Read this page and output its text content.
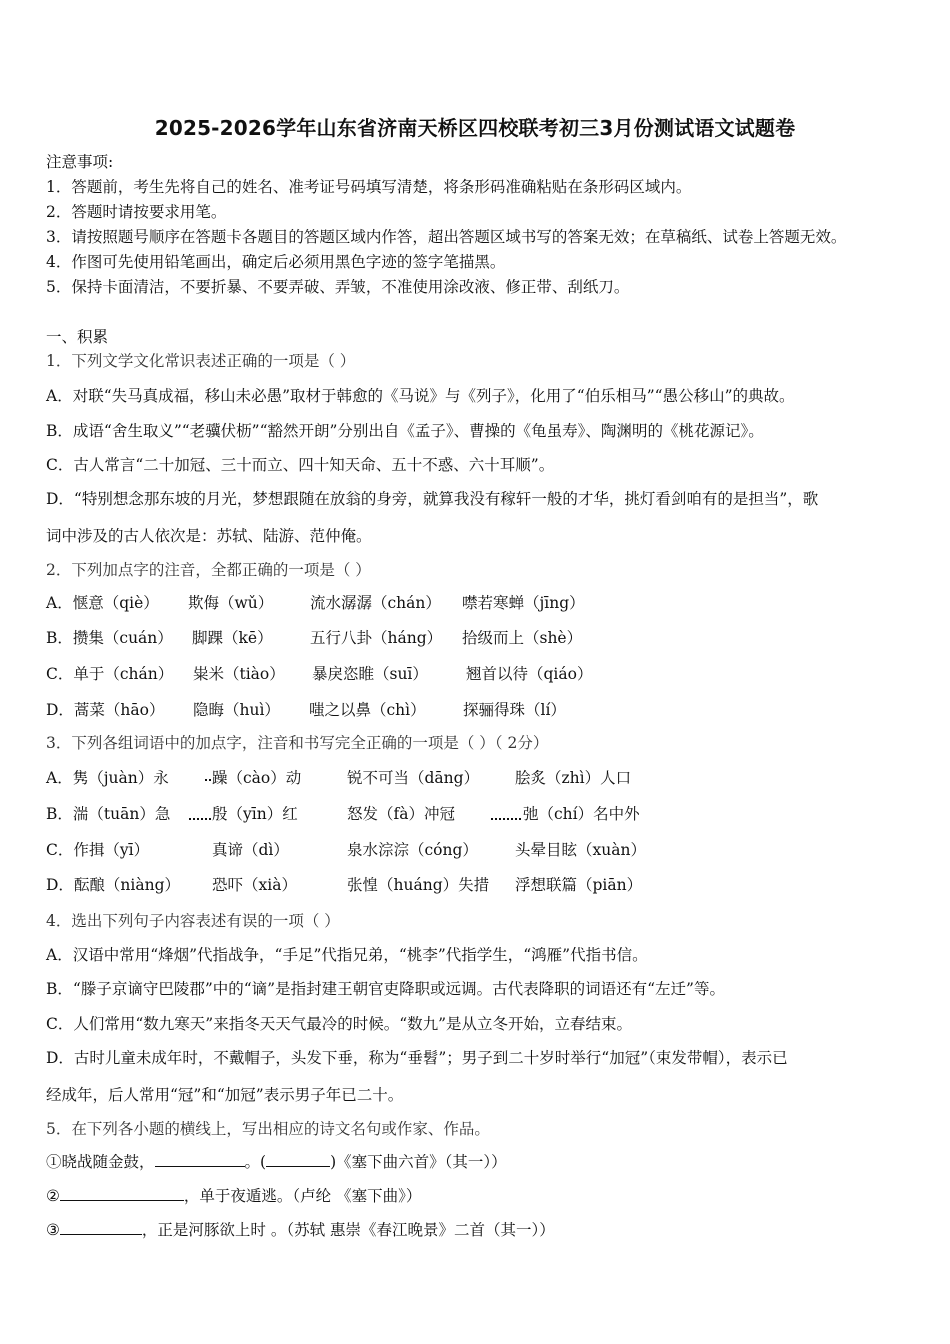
2025-2026学年山东省济南天桥区四校联考初三3月份测试语文试题卷
注意事项:
1．答题前，考生先将自己的姓名、准考证号码填写清楚，将条形码准确粘贴在条形码区域内。
2．答题时请按要求用笔。
3．请按照题号顺序在答题卡各题目的答题区域内作答，超出答题区域书写的答案无效；在草稿纸、试卷上答题无效。
4．作图可先使用铅笔画出，确定后必须用黑色字迹的签字笔描黑。
5．保持卡面清洁，不要折暴、不要弄破、弄皱，不准使用涂改液、修正带、刮纸刀。
一、积累
1．下列文学文化常识表述正确的一项是（ ）
A．对联“失马真成福，移山未必愚”取材于韩愈的《马说》与《列子》，化用了“伯乐相马”“愚公移山”的典故。
B．成语“舍生取义”“老骥伏枥”“豁然开朗”分别出自《孟子》、曹操的《龟虽寿》、陶渊明的《桃花源记》。
C．古人常言“二十加冠、三十而立、四十知天命、五十不惑、六十耳顺”。
D．“特别想念那东坡的月光，梦想跟随在放翁的身旁，就算我没有稼轩一般的才华，挑灯看剑咱有的是担当”，歌
词中涉及的古人依次是：苏轼、陆游、范仲俺。
2．下列加点字的注音，全都正确的一项是（ ）
A．惬意（qiè） 欺侮（wǔ） 流水潺潺（chán） 噤若寒蝉（jīng）
B．攒集（cuán） 脚踝（kē） 五行八卦（háng） 拾级而上（shè）
C．单于（chán） 粜米（tiào） 暴戾恣睢（suī） 翘首以待（qiáo）
D．蒿菜（hāo） 隐晦（huì） 嗤之以鼻（chì） 探骊得珠（lí）
3．下列各组词语中的加点字，注音和书写完全正确的一项是（ ）（ 2分）
A．隽（juàn）永	躁（cào）动	锐不可当（dāng） 脍炙（zhì）人口
B．湍（tuān）急	殷（yīn）红	怒发（fà）冲冠	弛（chí）名中外
C．作揖（yī）	真谛（dì）	泉水淙淙（cóng） 头晕目眩（xuàn）
D．酝酿（niàng） 恐吓（xià）	张惶（huáng）失措 浮想联篇（piān）
4．选出下列句子内容表述有误的一项（ ）
A．汉语中常用“烽烟”代指战争，“手足”代指兄弟，“桃李”代指学生，“鸿雁”代指书信。
B．“滕子京谪守巴陵郡”中的“谪”是指封建王朝官吏降职或远调。古代表降职的词语还有“左迁”等。
C．人们常用“数九寒天”来指冬天天气最冷的时候。“数九”是从立冬开始，立春结束。
D．古时儿童未成年时，不戴帽子，头发下垂，称为“垂髫”；男子到二十岁时举行“加冠”（束发带帽），表示已
经成年，后人常用“冠”和“加冠”表示男子年已二十。
5．在下列各小题的横线上，写出相应的诗文名句或作家、作品。
①晓战随金鼓，	。(	)《塞下曲六首》（其一））
②	，单于夜遁逃。（卢纶 《塞下曲》）
③	，正是河豚欲上时 。（苏轼 惠崇《春江晚景》二首（其一））
